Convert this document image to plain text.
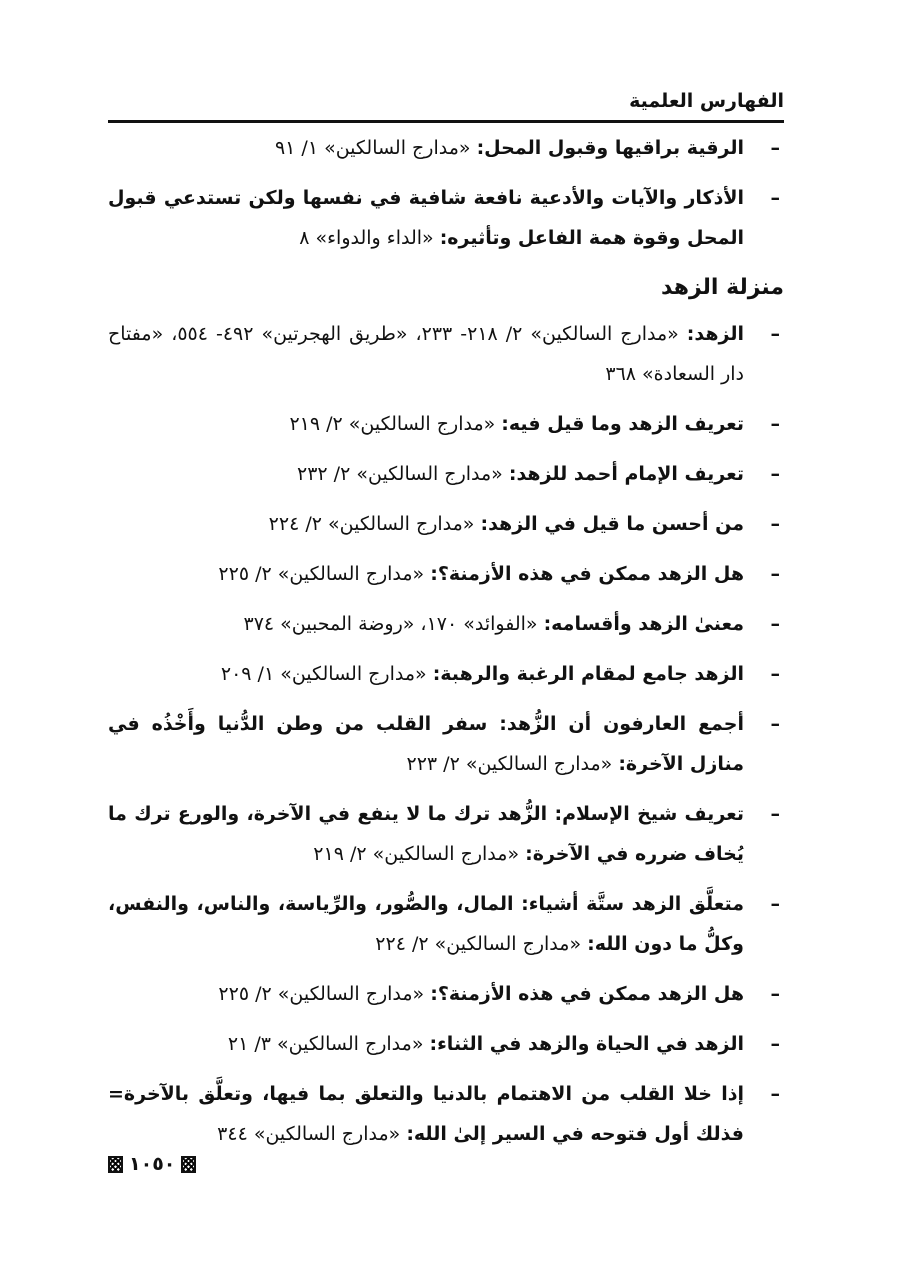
الفهارس العلمية

–
الرقية براقيها وقبول المحل: «مدارج السالكين» ١/ ٩١

–
الأذكار والآيات والأدعية نافعة شافية في نفسها ولكن تستدعي قبول المحل وقوة همة الفاعل وتأثيره: «الداء والدواء» ٨

منزلة الزهد

–
الزهد: «مدارج السالكين» ٢/ ٢١٨- ٢٣٣، «طريق الهجرتين» ٤٩٢- ٥٥٤، «مفتاح دار السعادة» ٣٦٨

–
تعريف الزهد وما قيل فيه: «مدارج السالكين» ٢/ ٢١٩

–
تعريف الإمام أحمد للزهد: «مدارج السالكين» ٢/ ٢٣٢

–
من أحسن ما قيل في الزهد: «مدارج السالكين» ٢/ ٢٢٤

–
هل الزهد ممكن في هذه الأزمنة؟: «مدارج السالكين» ٢/ ٢٢٥

–
معنىٰ الزهد وأقسامه: «الفوائد» ١٧٠، «روضة المحبين» ٣٧٤

–
الزهد جامع لمقام الرغبة والرهبة: «مدارج السالكين» ١/ ٢٠٩

–
أجمع العارفون أن الزُّهد: سفر القلب من وطن الدُّنيا وأَخْذُه في منازل الآخرة: «مدارج السالكين» ٢/ ٢٢٣

–
تعريف شيخ الإسلام: الزُّهد ترك ما لا ينفع في الآخرة، والورع ترك ما يُخاف ضرره في الآخرة: «مدارج السالكين» ٢/ ٢١٩

–
متعلَّق الزهد ستَّة أشياء: المال، والصُّور، والرِّياسة، والناس، والنفس، وكلُّ ما دون الله: «مدارج السالكين» ٢/ ٢٢٤

–
هل الزهد ممكن في هذه الأزمنة؟: «مدارج السالكين» ٢/ ٢٢٥

–
الزهد في الحياة والزهد في الثناء: «مدارج السالكين» ٣/ ٢١

–
إذا خلا القلب من الاهتمام بالدنيا والتعلق بما فيها، وتعلَّق بالآخرة= فذلك أول فتوحه في السير إلىٰ الله: «مدارج السالكين» ٣٤٤

١٠٥٠
